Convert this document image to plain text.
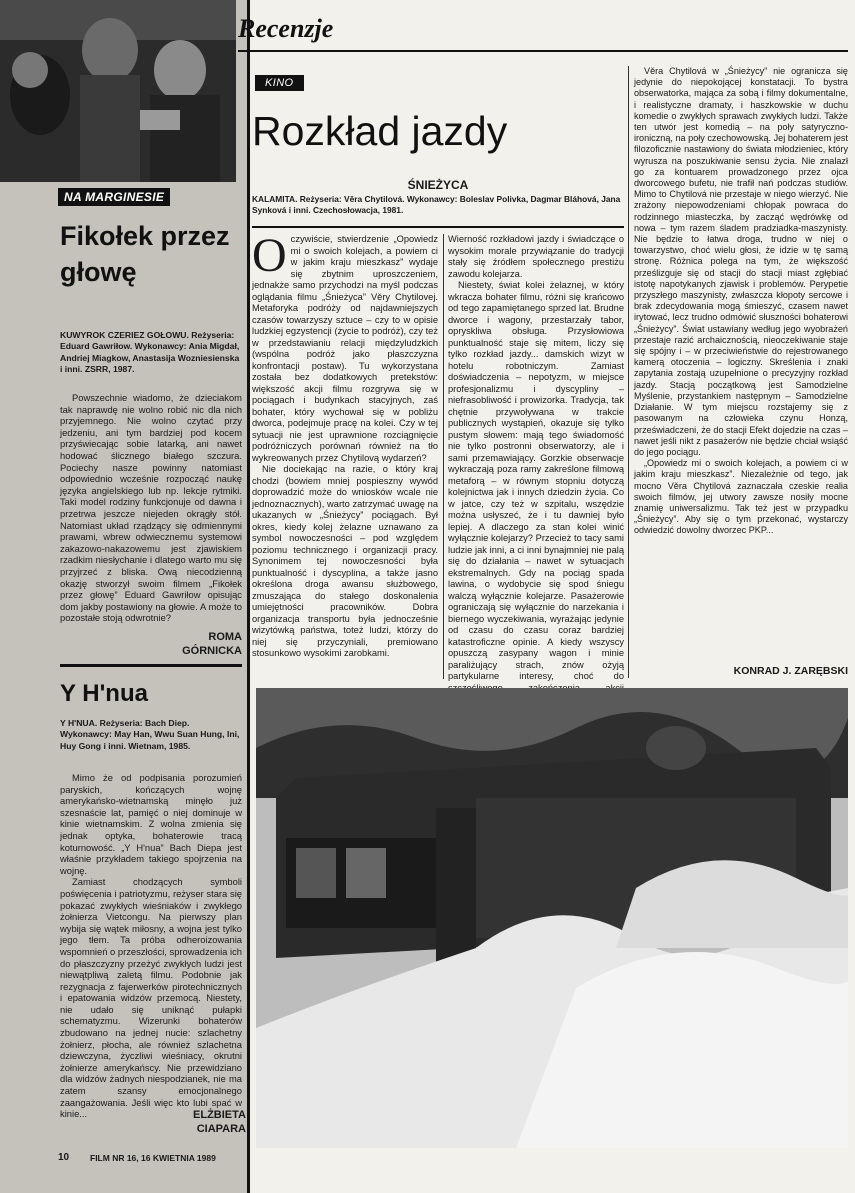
NA MARGINESIE
Fikołek przez głowę
KUWYROK CZERIEZ GOŁOWU. Reżyseria: Eduard Gawriłow. Wykonawcy: Ania Migdał, Andriej Miagkow, Anastasija Wozniesienska i inni. ZSRR, 1987.

Powszechnie wiadomo, że dzieciakom tak naprawdę nie wolno robić nic dla nich przyjemnego. Nie wolno czytać przy jedzeniu, ani tym bardziej pod kocem przyświecając sobie latarką, ani nawet hodować ślicznego białego szczura. Pociechy nasze powinny natomiast odpowiednio wcześnie rozpocząć naukę języka angielskiego lub np. lekcje rytmiki. Taki model rodziny funkcjonuje od dawna i przetrwa jeszcze niejeden okrągły stół. Natomiast układ rządzący się odmiennymi prawami, wbrew odwiecznemu systemowi zakazowo-nakazowemu jest zjawiskiem rzadkim niesłychanie i dlatego warto mu się przyjrzeć z bliska. Ową niecodzienną okazję stworzył swoim filmem „Fikołek przez głowę” Eduard Gawriłow opisując dom jakby postawiony na głowie. A może to pozostałe stoją odwrotnie?

ROMA
GÓRNICKA
Y H'nua
Y H'NUA. Reżyseria: Bach Diep. Wykonawcy: May Han, Wwu Suan Hung, Ini, Huy Gong i inni. Wietnam, 1985.

Mimo że od podpisania porozumień paryskich, kończących wojnę amerykańsko-wietnamską minęło już szesnaście lat, pamięć o niej dominuje w kinie wietnamskim. Z wolna zmienia się jednak optyka, bohaterowie tracą koturnowość. „Y H'nua” Bach Diepa jest właśnie przykładem takiego spojrzenia na wojnę.

Zamiast chodzących symboli poświęcenia i patriotyzmu, reżyser stara się pokazać zwykłych wieśniaków i zwykłego żołnierza Vietcongu. Na pierwszy plan wybija się wątek miłosny, a wojna jest tylko jego tłem. Ta próba odheroizowania wspomnień o przeszłości, sprowadzenia ich do płaszczyzny przeżyć zwykłych ludzi jest niewątpliwą zaletą filmu. Podobnie jak rezygnacja z fajerwerków pirotechnicznych i epatowania widzów przemocą. Niestety, nie udało się uniknąć pułapki schematyzmu. Wizerunki bohaterów zbudowano na jednej nucie: szlachetny żołnierz, płocha, ale również szlachetna dziewczyna, życzliwi wieśniacy, okrutni żołnierze amerykańscy. Nie przewidziano dla widzów żadnych niespodzianek, nie ma zatem szansy emocjonalnego zaangażowania. Jeśli więc kto lubi spać w kinie...	ELŻBIETA
CIAPARA
10 FILM NR 16, 16 KWIETNIA 1989
Recenzje
KINO
Rozkład jazdy
ŚNIEŻYCA
KALAMITA. Reżyseria: Věra Chytilová. Wykonawcy: Boleslav Polivka, Dagmar Bláhová, Jana Synková i inni. Czechosłowacja, 1981.
O czywiście, stwierdzenie „Opowiedz mi o swoich kolejach, a powiem ci w jakim kraju mieszkasz” wydaje się zbytnim uproszczeniem, jednakże samo przychodzi na myśl podczas oglądania filmu „Śnieżyca” Věry Chytilovej. Metaforyka podróży od najdawniejszych czasów towarzyszy sztuce – czy to w opisie ludzkiej egzystencji (życie to podróż), czy też w przedstawianiu relacji międzyludzkich (wspólna podróż jako płaszczyzna konfrontacji postaw). Tu wykorzystana została bez dodatkowych pretekstów: większość akcji filmu rozgrywa się w pociągach i budynkach stacyjnych, zaś bohater, który wychował się w pobliżu dworca, podejmuje pracę na kolei. Czy w tej sytuacji nie jest uprawnione rozciągnięcie podróżniczych porównań również na tło wykreowanych przez Chytilovą wydarzeń?

Nie dociekając na razie, o który kraj chodzi (bowiem mniej pospieszny wywód doprowadzić może do wniosków wcale nie jednoznacznych), warto zatrzymać uwagę na ukazanych w „Śnieżycy” pociągach. Był okres, kiedy kolej żelazne uznawano za symbol nowoczesności – pod względem poziomu technicznego i organizacji pracy. Synonimem tej nowoczesności była punktualność i dyscyplina, a także jasno określona droga awansu służbowego, zmuszająca do stałego doskonalenia umiejętności pracowników. Dobra organizacja transportu była jednocześnie wizytówką państwa, toteż ludzi, którzy do niej się przyczyniali, premiowano stosunkowo wysokimi zarobkami.

Wierność rozkładowi jazdy i świadczące o wysokim morale przywiązanie do tradycji stały się źródłem społecznego prestiżu zawodu kolejarza.

Niestety, świat kolei żelaznej, w który wkracza bohater filmu, różni się krańcowo od tego zapamiętanego sprzed lat. Brudne dworce i wagony, przestarzały tabor, opryskliwa obsługa. Przysłowiowa punktualność staje się mitem, liczy się tylko rozkład jazdy... damskich wizyt w hotelu robotniczym. Zamiast doświadczenia – nepotyzm, w miejsce profesjonalizmu i dyscypliny – niefrasobliwość i prowizorka. Tradycja, tak chętnie przywoływana w trakcie publicznych wystąpień, okazuje się tylko pustym słowem: mają tego świadomość nie tylko postronni obserwatorzy, ale i sami przemawiający. Gorzkie obserwacje wykraczają poza ramy zakreślone filmową metaforą – w równym stopniu dotyczą kolejnictwa jak i innych dziedzin życia. Co w jatce, czy też w szpitalu, wszędzie można usłyszeć, że i tu dawniej było lepiej. A dlaczego za stan kolei winić wyłącznie kolejarzy? Przecież to tacy sami ludzie jak inni, a ci inni bynajmniej nie palą się do działania – nawet w sytuacjach ekstremalnych. Gdy na pociąg spada lawina, o wydobycie się spod śniegu walczą wyłącznie kolejarze. Pasażerowie ograniczają się wyłącznie do narzekania i biernego wyczekiwania, wyrażając jedynie od czasu do czasu coraz bardziej katastroficzne opinie. A kiedy wszyscy opuszczą zasypany wagon i minie paraliżujący strach, znów ożyją partykularne interesy, choć do

Věra Chytilová w „Śnieżycy” nie ogranicza się jedynie do niepokojącej konstatacji. To bystra obserwatorka, mająca za sobą i filmy dokumentalne, i realistyczne dramaty, i haszkowskie w duchu komedie o zwykłych sprawach zwykłych ludzi. Także ten utwór jest komedią – na poły satyryczno-ironiczną, na poły czechowowską. Jej bohaterem jest filozoficznie nastawiony do świata młodzieniec, który wyrusza na poszukiwanie sensu życia. Nie znalazł go za kontuarem prowadzonego przez ojca dworcowego bufetu, nie trafił nań podczas studiów. Mimo to Chytilová nie przestaje w niego wierzyć. Nie zrażony niepowodzeniami chłopak powraca do rodzinnego miasteczka, by zacząć wędrówkę od nowa – tym razem śladem pradziadka-maszynisty. Nie będzie to łatwa droga, trudno w niej o towarzystwo, choć wielu głosi, że idzie w tę samą stronę. Różnica polega na tym, że większość prześlizguje się od stacji do stacji miast zgłębiać istotę napotykanych zjawisk i problemów. Perypetie przyszłego maszynisty, zwłaszcza kłopoty sercowe i brak zdecydowania mogą śmieszyć, czasem nawet irytować, lecz trudno odmówić słuszności bohaterowi „Śnieżycy”. Świat ustawiany według jego wyobrażeń przestaje razić archaicznością, nieoczekiwanie staje się spójny i – w przeciwieństwie do rejestrowanego kamerą otoczenia – logiczny. Skreślenia i znaki zapytania zostają uzupełnione o precyzyjny rozkład jazdy. Stacją początkową jest Samodzielne Myślenie, przystankiem następnym – Samodzielne Działanie. W tym miejscu rozstajemy się z pasowanym na człowieka czynu Honzą, przeświadczeni, że do stacji Efekt dojedzie na czas – nawet jeśli nikt z pasażerów nie będzie chciał wsiąść do jego pociągu.

„Opowiedz mi o swoich kolejach, a powiem ci w jakim kraju mieszkasz”. Niezależnie od tego, jak mocno Věra Chytilová zaznaczała czeskie realia swoich filmów, jej utwory zawsze nosiły mocne znamię uniwersalizmu. Tak też jest w przypadku „Śnieżycy”. Aby się o tym przekonać, wystarczy odwiedzić dowolny dworzec PKP...

KONRAD J. ZARĘBSKI
